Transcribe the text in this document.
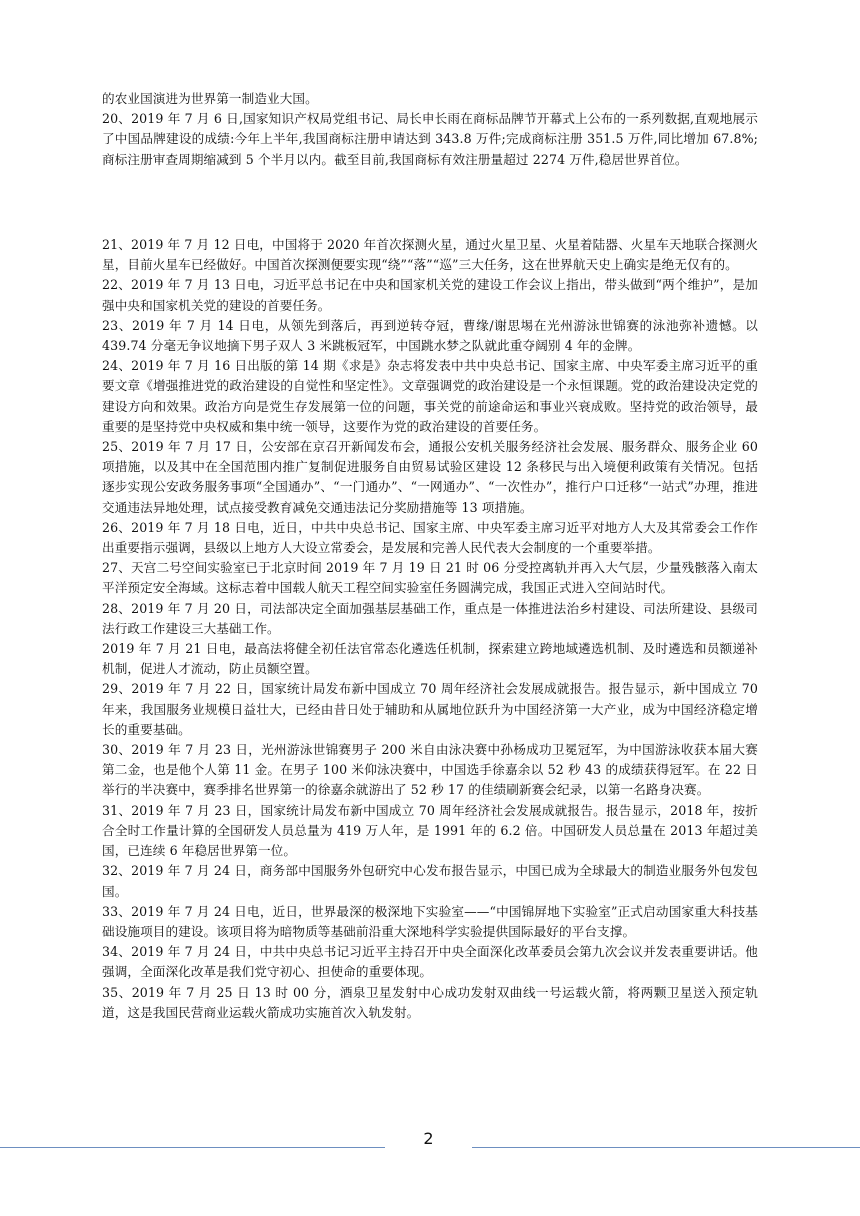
的农业国演进为世界第一制造业大国。

20、2019 年 7 月 6 日,国家知识产权局党组书记、局长申长雨在商标品牌节开幕式上公布的一系列数据,直观地展示了中国品牌建设的成绩:今年上半年,我国商标注册申请达到 343.8 万件;完成商标注册 351.5 万件,同比增加 67.8%;商标注册审查周期缩减到 5 个半月以内。截至目前,我国商标有效注册量超过 2274 万件,稳居世界首位。

21、2019 年 7 月 12 日电，中国将于 2020 年首次探测火星，通过火星卫星、火星着陆器、火星车天地联合探测火星，目前火星车已经做好。中国首次探测便要实现“绕”“落”“巡”三大任务，这在世界航天史上确实是绝无仅有的。

22、2019 年 7 月 13 日电，习近平总书记在中央和国家机关党的建设工作会议上指出，带头做到“两个维护”，是加强中央和国家机关党的建设的首要任务。

23、2019 年 7 月 14 日电，从领先到落后，再到逆转夺冠，曹缘/谢思埸在光州游泳世锦赛的泳池弥补遗憾。以 439.74 分毫无争议地摘下男子双人 3 米跳板冠军，中国跳水梦之队就此重夺阔别 4 年的金牌。

24、2019 年 7 月 16 日出版的第 14 期《求是》杂志将发表中共中央总书记、国家主席、中央军委主席习近平的重要文章《增强推进党的政治建设的自觉性和坚定性》。文章强调党的政治建设是一个永恒课题。党的政治建设决定党的建设方向和效果。政治方向是党生存发展第一位的问题，事关党的前途命运和事业兴衰成败。坚持党的政治领导，最重要的是坚持党中央权威和集中统一领导，这要作为党的政治建设的首要任务。

25、2019 年 7 月 17 日，公安部在京召开新闻发布会，通报公安机关服务经济社会发展、服务群众、服务企业 60 项措施，以及其中在全国范围内推广复制促进服务自由贸易试验区建设 12 条移民与出入境便利政策有关情况。包括逐步实现公安政务服务事项“全国通办”、“一门通办”、“一网通办”、“一次性办”，推行户口迁移“一站式”办理，推进交通违法异地处理，试点接受教育减免交通违法记分奖励措施等 13 项措施。

26、2019 年 7 月 18 日电，近日，中共中央总书记、国家主席、中央军委主席习近平对地方人大及其常委会工作作出重要指示强调，县级以上地方人大设立常委会，是发展和完善人民代表大会制度的一个重要举措。

27、天宫二号空间实验室已于北京时间 2019 年 7 月 19 日 21 时 06 分受控离轨并再入大气层，少量残骸落入南太平洋预定安全海域。这标志着中国载人航天工程空间实验室任务圆满完成，我国正式进入空间站时代。

28、2019 年 7 月 20 日，司法部决定全面加强基层基础工作，重点是一体推进法治乡村建设、司法所建设、县级司法行政工作建设三大基础工作。

2019 年 7 月 21 日电，最高法将健全初任法官常态化遴选任机制，探索建立跨地域遴选机制、及时遴选和员额递补机制，促进人才流动，防止员额空置。

29、2019 年 7 月 22 日，国家统计局发布新中国成立 70 周年经济社会发展成就报告。报告显示，新中国成立 70 年来，我国服务业规模日益壮大，已经由昔日处于辅助和从属地位跃升为中国经济第一大产业，成为中国经济稳定增长的重要基础。

30、2019 年 7 月 23 日，光州游泳世锦赛男子 200 米自由泳决赛中孙杨成功卫冕冠军，为中国游泳收获本届大赛第二金，也是他个人第 11 金。在男子 100 米仰泳决赛中，中国选手徐嘉余以 52 秒 43 的成绩获得冠军。在 22 日举行的半决赛中，赛季排名世界第一的徐嘉余就游出了 52 秒 17 的佳绩刷新赛会纪录，以第一名路身决赛。

31、2019 年 7 月 23 日，国家统计局发布新中国成立 70 周年经济社会发展成就报告。报告显示，2018 年，按折合全时工作量计算的全国研发人员总量为 419 万人年，是 1991 年的 6.2 倍。中国研发人员总量在 2013 年超过美国，已连续 6 年稳居世界第一位。

32、2019 年 7 月 24 日，商务部中国服务外包研究中心发布报告显示，中国已成为全球最大的制造业服务外包发包国。

33、2019 年 7 月 24 日电，近日，世界最深的极深地下实验室——“中国锦屏地下实验室”正式启动国家重大科技基础设施项目的建设。该项目将为暗物质等基础前沿重大深地科学实验提供国际最好的平台支撑。

34、2019 年 7 月 24 日，中共中央总书记习近平主持召开中央全面深化改革委员会第九次会议并发表重要讲话。他强调，全面深化改革是我们党守初心、担使命的重要体现。

35、2019 年 7 月 25 日 13 时 00 分，酒泉卫星发射中心成功发射双曲线一号运载火箭，将两颗卫星送入预定轨道，这是我国民营商业运载火箭成功实施首次入轨发射。

2
